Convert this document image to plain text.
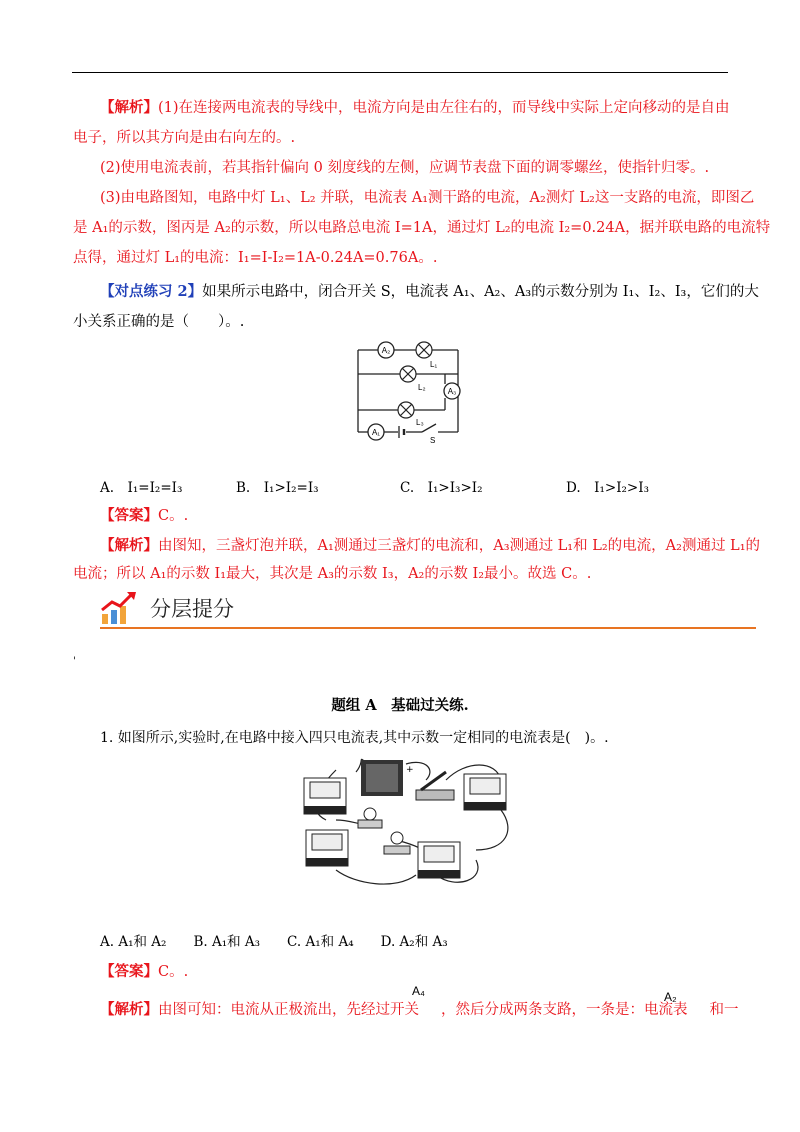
【解析】(1)在连接两电流表的导线中，电流方向是由左往右的，而导线中实际上定向移动的是自由
电子，所以其方向是由右向左的。.
(2)使用电流表前，若其指针偏向 0 刻度线的左侧，应调节表盘下面的调零螺丝，使指针归零。.
(3)由电路图知，电路中灯 L₁、L₂ 并联，电流表 A₁测干路的电流，A₂测灯 L₂这一支路的电流，即图乙
是 A₁的示数，图丙是 A₂的示数，所以电路总电流 I=1A，通过灯 L₂的电流 I₂=0.24A，据并联电路的电流特
点得，通过灯 L₁的电流：I₁=I-I₂=1A-0.24A=0.76A。.
【对点练习 2】如果所示电路中，闭合开关 S，电流表 A₁、A₂、A₃的示数分别为 I₁、I₂、I₃，它们的大
小关系正确的是（　　）。.
A₂
A₃
A₁
L₁
L₂
L₃
S
A.　I₁=I₂=I₃	B.　I₁>I₂=I₃	C.　I₁>I₃>I₂	D.　I₁>I₂>I₃
【答案】C。.
【解析】由图知，三盏灯泡并联，A₁测通过三盏灯的电流和，A₃测通过 L₁和 L₂的电流，A₂测通过 L₁的
电流；所以 A₁的示数 I₁最大，其次是 A₃的示数 I₃，A₂的示数 I₂最小。故选 C。.
分层提分
'
题组 A　基础过关练.
1. 如图所示,实验时,在电路中接入四只电流表,其中示数一定相同的电流表是(　)。.
+
A. A₁和 A₂　　B. A₁和 A₃　　C. A₁和 A₄　　D. A₂和 A₃
【答案】C。.
A₄	A₂
【解析】由图可知：电流从正极流出，先经过开关 ，然后分成两条支路，一条是：电流表 和一
